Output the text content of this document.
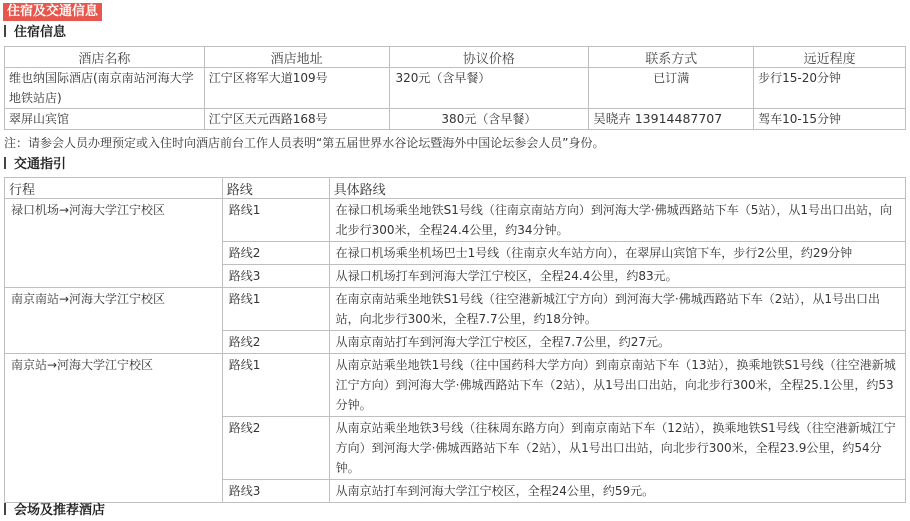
住宿及交通信息
住宿信息
酒店名称	酒店地址	协议价格	联系方式	远近程度
维也纳国际酒店(南京南站河海大学地铁站店)	江宁区将军大道109号	320元（含早餐）	已订满	步行15-20分钟
翠屏山宾馆	江宁区天元西路168号	380元（含早餐）	吴晓卉 13914487707	驾车10-15分钟
注：请参会人员办理预定或入住时向酒店前台工作人员表明“第五届世界水谷论坛暨海外中国论坛参会人员”身份。
交通指引
行程	路线	具体路线
禄口机场→河海大学江宁校区	路线1	在禄口机场乘坐地铁S1号线（往南京南站方向）到河海大学·佛城西路站下车（5站），从1号出口出站，向北步行300米，全程24.4公里，约34分钟。
	路线2	在禄口机场乘坐机场巴士1号线（往南京火车站方向），在翠屏山宾馆下车，步行2公里，约29分钟
	路线3	从禄口机场打车到河海大学江宁校区，全程24.4公里，约83元。
南京南站→河海大学江宁校区	路线1	在南京南站乘坐地铁S1号线（往空港新城江宁方向）到河海大学·佛城西路站下车（2站），从1号出口出站，向北步行300米，全程7.7公里，约18分钟。
	路线2	从南京南站打车到河海大学江宁校区，全程7.7公里，约27元。
南京站→河海大学江宁校区	路线1	从南京站乘坐地铁1号线（往中国药科大学方向）到南京南站下车（13站），换乘地铁S1号线（往空港新城江宁方向）到河海大学·佛城西路站下车（2站），从1号出口出站，向北步行300米，全程25.1公里，约53分钟。
	路线2	从南京站乘坐地铁3号线（往秣周东路方向）到南京南站下车（12站），换乘地铁S1号线（往空港新城江宁方向）到河海大学·佛城西路站下车（2站），从1号出口出站，向北步行300米，全程23.9公里，约54分钟。
	路线3	从南京站打车到河海大学江宁校区，全程24公里，约59元。
会场及推荐酒店
